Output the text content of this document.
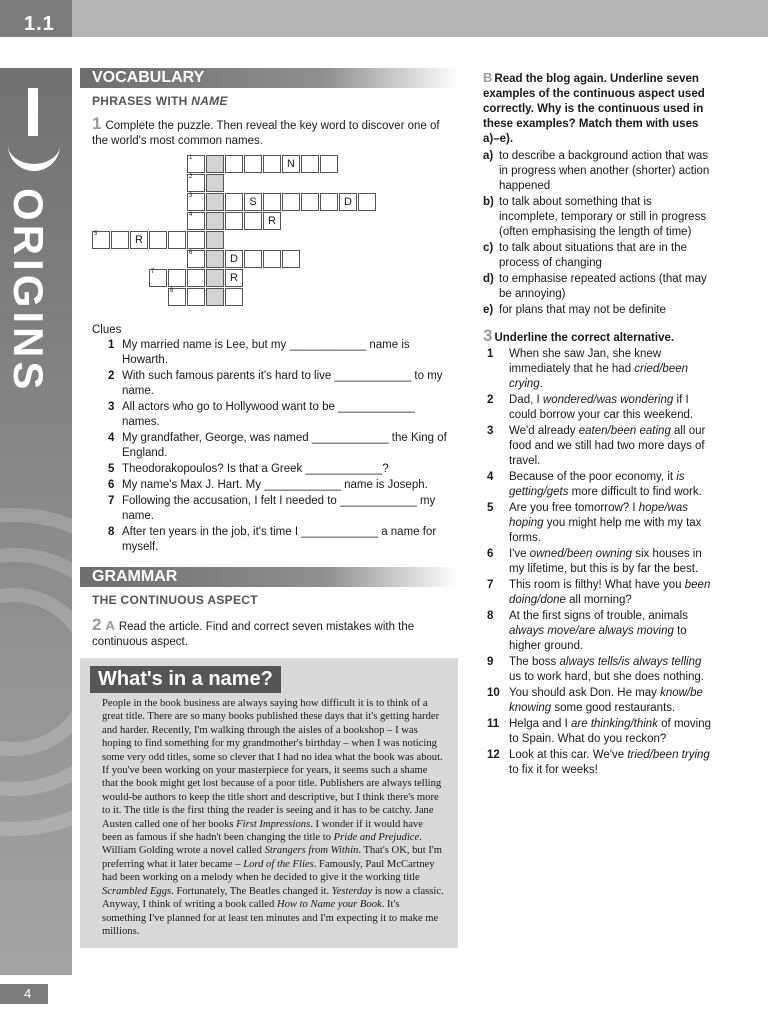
1.1
ORIGINS
4
VOCABULARY
PHRASES WITH NAME
1 Complete the puzzle. Then reveal the key word to discover one of the world's most common names.
1	N
2
3	S	D
4	R
5	R
6	D
7	R
8
Clues
1 My married name is Lee, but my ____________ name is Howarth.
2 With such famous parents it's hard to live ____________ to my name.
3 All actors who go to Hollywood want to be ____________ names.
4 My grandfather, George, was named ____________ the King of England.
5 Theodorakopoulos? Is that a Greek ____________?
6 My name's Max J. Hart. My ____________ name is Joseph.
7 Following the accusation, I felt I needed to ____________ my name.
8 After ten years in the job, it's time I ____________ a name for myself.
GRAMMAR
THE CONTINUOUS ASPECT
2 A Read the article. Find and correct seven mistakes with the continuous aspect.
What's in a name?
People in the book business are always saying how difficult it is to think of a great title. There are so many books published these days that it's getting harder and harder. Recently, I'm walking through the aisles of a bookshop – I was hoping to find something for my grandmother's birthday – when I was noticing some very odd titles, some so clever that I had no idea what the book was about. If you've been working on your masterpiece for years, it seems such a shame that the book might get lost because of a poor title. Publishers are always telling would-be authors to keep the title short and descriptive, but I think there's more to it. The title is the first thing the reader is seeing and it has to be catchy. Jane Austen called one of her books First Impressions. I wonder if it would have been as famous if she hadn't been changing the title to Pride and Prejudice. William Golding wrote a novel called Strangers from Within. That's OK, but I'm preferring what it later became – Lord of the Flies. Famously, Paul McCartney had been working on a melody when he decided to give it the working title Scrambled Eggs. Fortunately, The Beatles changed it. Yesterday is now a classic. Anyway, I think of writing a book called How to Name your Book. It's something I've planned for at least ten minutes and I'm expecting it to make me millions.
B Read the blog again. Underline seven examples of the continuous aspect used correctly. Why is the continuous used in these examples? Match them with uses a)–e).
a) to describe a background action that was in progress when another (shorter) action happened
b) to talk about something that is incomplete, temporary or still in progress (often emphasising the length of time)
c) to talk about situations that are in the process of changing
d) to emphasise repeated actions (that may be annoying)
e) for plans that may not be definite
3 Underline the correct alternative.
1	When she saw Jan, she knew immediately that he had cried/been crying.
2	Dad, I wondered/was wondering if I could borrow your car this weekend.
3	We'd already eaten/been eating all our food and we still had two more days of travel.
4	Because of the poor economy, it is getting/gets more difficult to find work.
5	Are you free tomorrow? I hope/was hoping you might help me with my tax forms.
6	I've owned/been owning six houses in my lifetime, but this is by far the best.
7	This room is filthy! What have you been doing/done all morning?
8	At the first signs of trouble, animals always move/are always moving to higher ground.
9	The boss always tells/is always telling us to work hard, but she does nothing.
10 You should ask Don. He may know/be knowing some good restaurants.
11 Helga and I are thinking/think of moving to Spain. What do you reckon?
12 Look at this car. We've tried/been trying to fix it for weeks!
